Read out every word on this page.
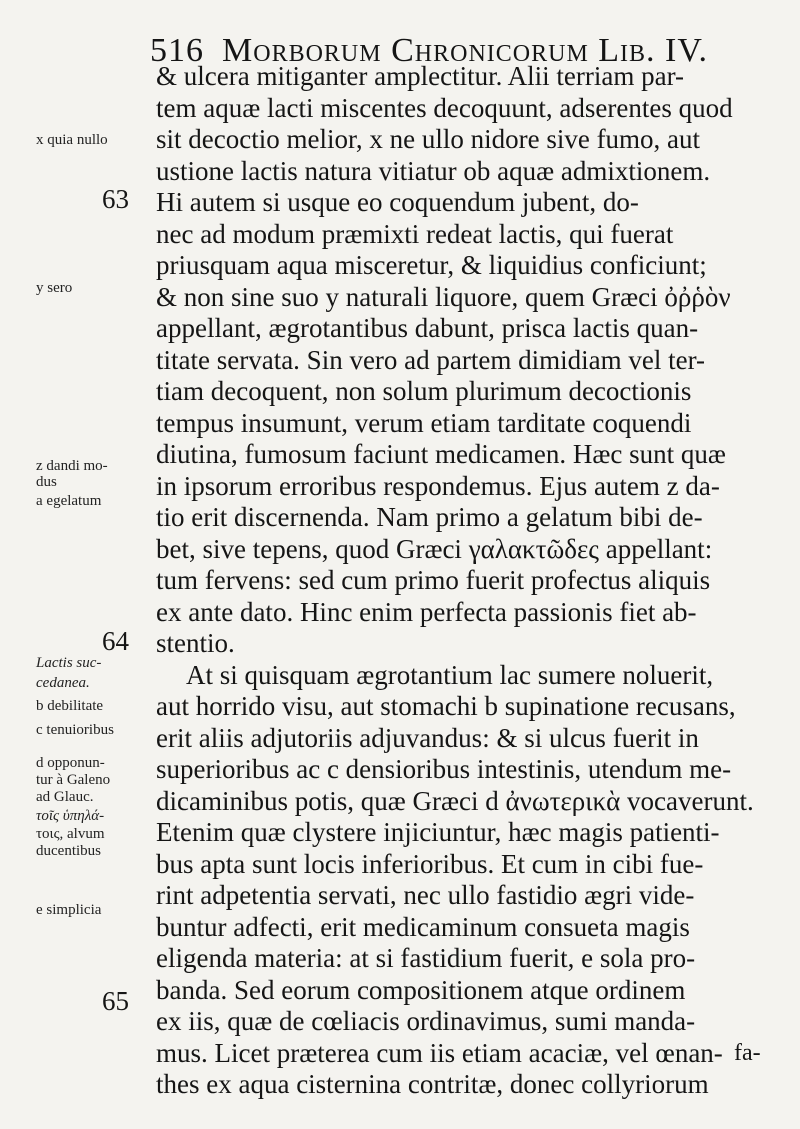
516 Morborum Chronicorum Lib. IV.
x quia nullo
63
y sero
z dandi mo-
dus
a egelatum
64
Lactis suc-
cedanea.
b debilitate
c tenuioribus
d opponun-
tur à Galeno
ad Glauc.
τοῖς ὑπηλά-
τοις, alvum
ducentibus
e simplicia
65
& ulcera mitiganter amplectitur. Alii terriam par-
tem aquæ lacti miscentes decoquunt, adserentes quod
sit decoctio melior, x ne ullo nidore sive fumo, aut
ustione lactis natura vitiatur ob aquæ admixtionem.
Hi autem si usque eo coquendum jubent, do-
nec ad modum præmixti redeat lactis, qui fuerat
priusquam aqua misceretur, & liquidius conficiunt;
& non sine suo y naturali liquore, quem Græci ὀῤῥὸν
appellant, ægrotantibus dabunt, prisca lactis quan-
titate servata. Sin vero ad partem dimidiam vel ter-
tiam decoquent, non solum plurimum decoctionis
tempus insumunt, verum etiam tarditate coquendi
diutina, fumosum faciunt medicamen. Hæc sunt quæ
in ipsorum erroribus respondemus. Ejus autem z da-
tio erit discernenda. Nam primo a gelatum bibi de-
bet, sive tepens, quod Græci γαλακτῶδες appellant:
tum fervens: sed cum primo fuerit profectus aliquis
ex ante dato. Hinc enim perfecta passionis fiet ab-
stentio.
At si quisquam ægrotantium lac sumere noluerit,
aut horrido visu, aut stomachi b supinatione recusans,
erit aliis adjutoriis adjuvandus: & si ulcus fuerit in
superioribus ac c densioribus intestinis, utendum me-
dicaminibus potis, quæ Græci d ἀνωτερικὰ vocaverunt.
Etenim quæ clystere injiciuntur, hæc magis patienti-
bus apta sunt locis inferioribus. Et cum in cibi fue-
rint adpetentia servati, nec ullo fastidio ægri vide-
buntur adfecti, erit medicaminum consueta magis
eligenda materia: at si fastidium fuerit, e sola pro-
banda. Sed eorum compositionem atque ordinem
ex iis, quæ de cœliacis ordinavimus, sumi manda-
mus. Licet præterea cum iis etiam acaciæ, vel œnan-
thes ex aqua cisternina contritæ, donec collyriorum
fa-
